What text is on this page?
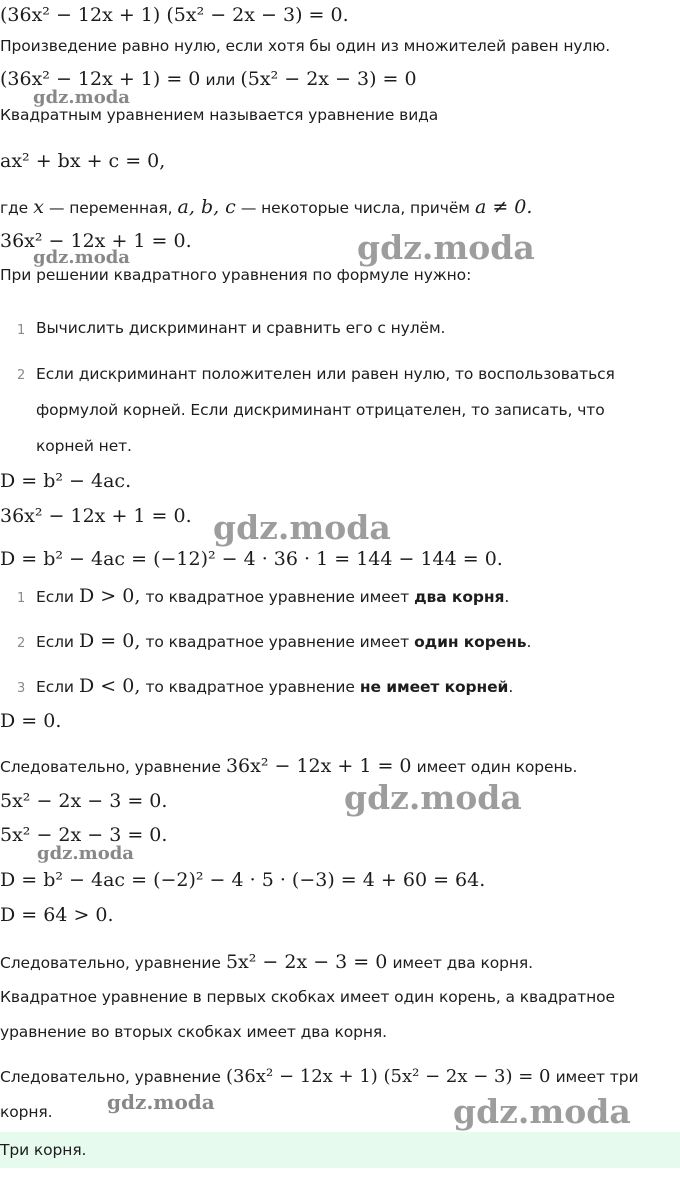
(36x² − 12x + 1) (5x² − 2x − 3) = 0.
Произведение равно нулю, если хотя бы один из множителей равен нулю.
(36x² − 12x + 1) = 0 или (5x² − 2x − 3) = 0
Квадратным уравнением называется уравнение вида
ax² + bx + c = 0,
где x — переменная, a, b, c — некоторые числа, причём a ≠ 0.
36x² − 12x + 1 = 0.
При решении квадратного уравнения по формуле нужно:
1 Вычислить дискриминант и сравнить его с нулём.
2 Если дискриминант положителен или равен нулю, то воспользоваться
формулой корней. Если дискриминант отрицателен, то записать, что
корней нет.
D = b² − 4ac.
36x² − 12x + 1 = 0.
D = b² − 4ac = (−12)² − 4 · 36 · 1 = 144 − 144 = 0.
1 Если D > 0, то квадратное уравнение имеет два корня.
2 Если D = 0, то квадратное уравнение имеет один корень.
3 Если D < 0, то квадратное уравнение не имеет корней.
D = 0.
Следовательно, уравнение 36x² − 12x + 1 = 0 имеет один корень.
5x² − 2x − 3 = 0.
5x² − 2x − 3 = 0.
D = b² − 4ac = (−2)² − 4 · 5 · (−3) = 4 + 60 = 64.
D = 64 > 0.
Следовательно, уравнение 5x² − 2x − 3 = 0 имеет два корня.
Квадратное уравнение в первых скобках имеет один корень, а квадратное
уравнение во вторых скобках имеет два корня.
Следовательно, уравнение (36x² − 12x + 1) (5x² − 2x − 3) = 0 имеет три
корня.
Три корня.
gdz.moda
gdz.moda
gdz.moda
gdz.moda
gdz.moda
gdz.moda
gdz.moda	gdz.moda
